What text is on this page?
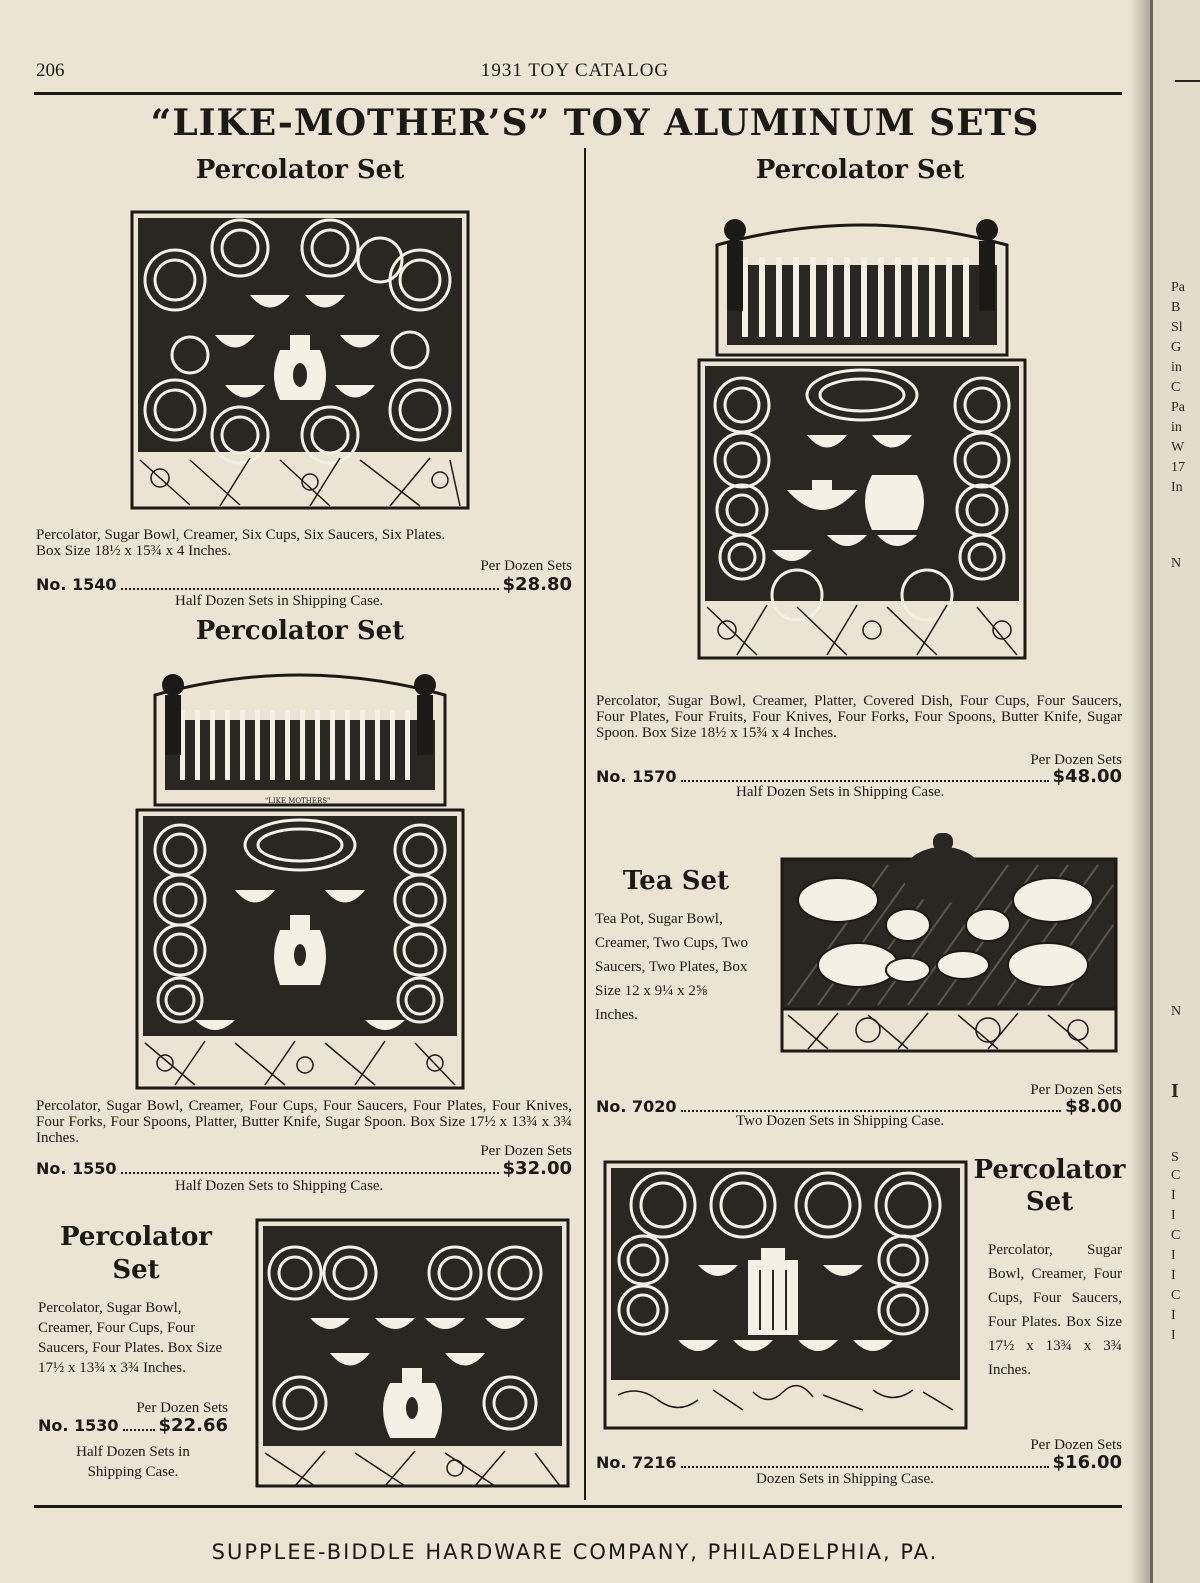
206	1931 TOY CATALOG
“LIKE-MOTHER’S” TOY ALUMINUM SETS
Percolator Set
Percolator, Sugar Bowl, Creamer, Six Cups, Six Saucers, Six Plates.
Box Size 18½ x 15¾ x 4 Inches.
Per Dozen Sets
No. 1540	$28.80
Half Dozen Sets in Shipping Case.
Percolator Set
"LIKE MOTHERS"
Percolator, Sugar Bowl, Creamer, Four Cups, Four Saucers, Four Plates, Four Knives, Four Forks, Four Spoons, Platter, Butter Knife, Sugar Spoon. Box Size 17½ x 13¾ x 3¾ Inches.
Per Dozen Sets
No. 1550	$32.00
Half Dozen Sets to Shipping Case.
Percolator
Set
Percolator, Sugar Bowl, Creamer, Four Cups, Four Saucers, Four Plates. Box Size 17½ x 13¾ x 3¾ Inches.
Per Dozen Sets
No. 1530 $22.66
Half Dozen Sets in
Shipping Case.
Percolator Set
Percolator, Sugar Bowl, Creamer, Platter, Covered Dish, Four Cups, Four Saucers, Four Plates, Four Fruits, Four Knives, Four Forks, Four Spoons, Butter Knife, Sugar Spoon. Box Size 18½ x 15¾ x 4 Inches.
Per Dozen Sets
No. 1570	$48.00
Half Dozen Sets in Shipping Case.
Tea Set
Tea Pot, Sugar Bowl, Creamer, Two Cups, Two Saucers, Two Plates, Box Size 12 x 9¼ x 2⅝ Inches.
Per Dozen Sets
No. 7020	$8.00
Two Dozen Sets in Shipping Case.
Percolator
Set
Percolator, Sugar Bowl, Creamer, Four Cups, Four Saucers, Four Plates. Box Size 17½ x 13¾ x 3¾ Inches.
Per Dozen Sets
No. 7216	$16.00
Dozen Sets in Shipping Case.
SUPPLEE-BIDDLE HARDWARE COMPANY, PHILADELPHIA, PA.
Pa
B
Sl
G
in
C
Pa
in
W
17
In
N
N
I
S
C
I
I
C
I
I
C
I
I
